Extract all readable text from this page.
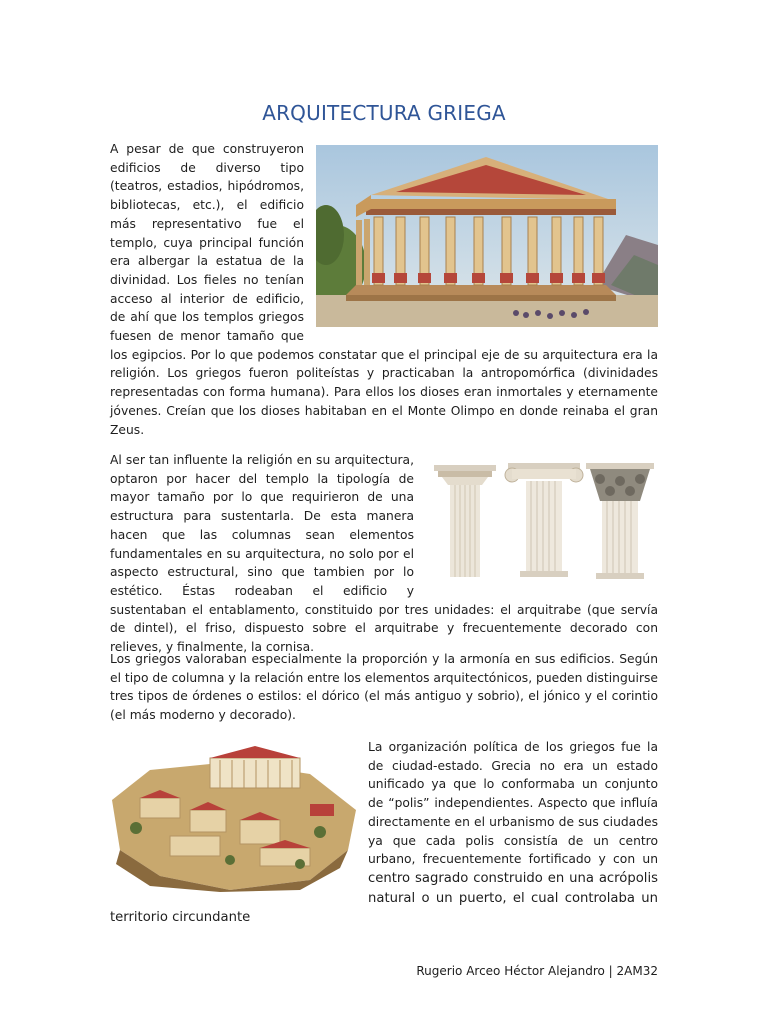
ARQUITECTURA GRIEGA
A pesar de que construyeron edificios de diverso tipo (teatros, estadios, hipódromos, bibliotecas, etc.), el edificio más representativo fue el templo, cuya principal función era albergar la estatua de la divinidad. Los fieles no tenían acceso al interior de edificio, de ahí que los templos griegos fuesen de menor tamaño que los egipcios. Por lo que podemos constatar que el principal eje de su arquitectura era la religión. Los griegos fueron politeístas y practicaban la antropomórfica (divinidades representadas con forma humana). Para ellos los dioses eran inmortales y eternamente jóvenes. Creían que los dioses habitaban en el Monte Olimpo en donde reinaba el gran Zeus.
Al ser tan influente la religión en su arquitectura, optaron por hacer del templo la tipología de mayor tamaño por lo que requirieron de una estructura para sustentarla. De esta manera hacen que las columnas sean elementos fundamentales en su arquitectura, no solo por el aspecto estructural, sino que tambien por lo estético. Éstas rodeaban el edificio y sustentaban el entablamento, constituido por tres unidades: el arquitrabe (que servía de dintel), el friso, dispuesto sobre el arquitrabe y frecuentemente decorado con relieves, y finalmente, la cornisa.
Los griegos valoraban especialmente la proporción y la armonía en sus edificios. Según el tipo de columna y la relación entre los elementos arquitectónicos, pueden distinguirse tres tipos de órdenes o estilos: el dórico (el más antiguo y sobrio), el jónico y el corintio (el más moderno y decorado).
La organización política de los griegos fue la de ciudad-estado. Grecia no era un estado unificado ya que lo conformaba un conjunto de “polis” independientes. Aspecto que influía directamente en el urbanismo de sus ciudades ya que cada polis consistía de un centro urbano, frecuentemente fortificado y con un centro sagrado construido en una acrópolis natural o un puerto, el cual controlaba un territorio circundante
Rugerio Arceo Héctor Alejandro | 2AM32
